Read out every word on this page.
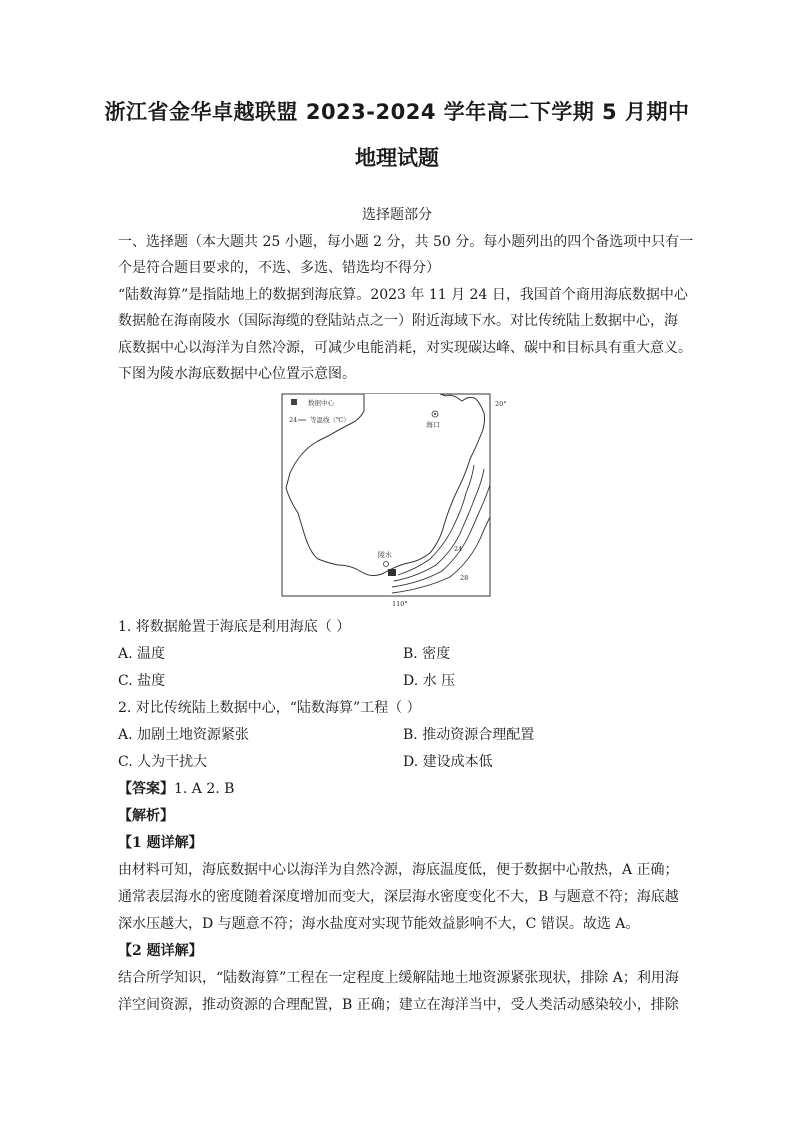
浙江省金华卓越联盟 2023-2024 学年高二下学期 5 月期中
地理试题
选择题部分
一、选择题（本大题共 25 小题，每小题 2 分，共 50 分。每小题列出的四个备选项中只有一
个是符合题目要求的，不选、多选、错选均不得分）
“陆数海算”是指陆地上的数据到海底算。2023 年 11 月 24 日，我国首个商用海底数据中心
数据舱在海南陵水（国际海缆的登陆站点之一）附近海域下水。对比传统陆上数据中心，海
底数据中心以海洋为自然冷源，可减少电能消耗，对实现碳达峰、碳中和目标具有重大意义。
下图为陵水海底数据中心位置示意图。
数据中心
24 等温线（℃）
海口
陵水
24
28
20°
110°
1. 将数据舱置于海底是利用海底（ ）
A. 温度	B. 密度
C. 盐度	D. 水 压
2. 对比传统陆上数据中心，“陆数海算”工程（ ）
A. 加剧土地资源紧张	B. 推动资源合理配置
C. 人为干扰大	D. 建设成本低
【答案】1. A 2. B
【解析】
【1 题详解】
由材料可知，海底数据中心以海洋为自然冷源，海底温度低，便于数据中心散热，A 正确；
通常表层海水的密度随着深度增加而变大，深层海水密度变化不大，B 与题意不符；海底越
深水压越大，D 与题意不符；海水盐度对实现节能效益影响不大，C 错误。故选 A。
【2 题详解】
结合所学知识，“陆数海算”工程在一定程度上缓解陆地土地资源紧张现状，排除 A；利用海
洋空间资源，推动资源的合理配置，B 正确；建立在海洋当中，受人类活动感染较小，排除
